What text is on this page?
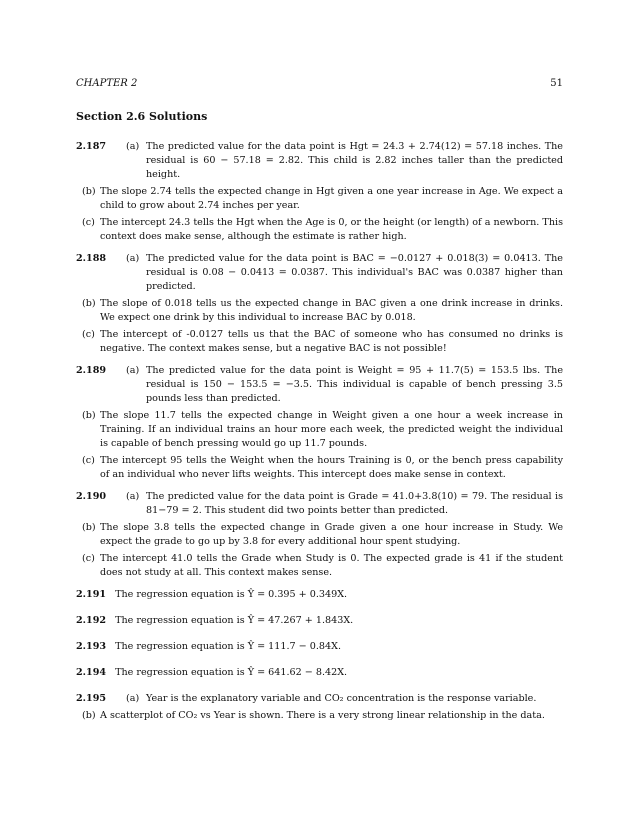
CHAPTER 2	51
Section 2.6 Solutions
2.187	(a) The predicted value for the data point is Hgt = 24.3 + 2.74(12) = 57.18 inches. The residual is 60 − 57.18 = 2.82. This child is 2.82 inches taller than the predicted height.
(b) The slope 2.74 tells the expected change in Hgt given a one year increase in Age. We expect a child to grow about 2.74 inches per year.
(c) The intercept 24.3 tells the Hgt when the Age is 0, or the height (or length) of a newborn. This context does make sense, although the estimate is rather high.
2.188	(a) The predicted value for the data point is BAC = −0.0127 + 0.018(3) = 0.0413. The residual is 0.08 − 0.0413 = 0.0387. This individual's BAC was 0.0387 higher than predicted.
(b) The slope of 0.018 tells us the expected change in BAC given a one drink increase in drinks. We expect one drink by this individual to increase BAC by 0.018.
(c) The intercept of -0.0127 tells us that the BAC of someone who has consumed no drinks is negative. The context makes sense, but a negative BAC is not possible!
2.189	(a) The predicted value for the data point is Weight = 95 + 11.7(5) = 153.5 lbs. The residual is 150 − 153.5 = −3.5. This individual is capable of bench pressing 3.5 pounds less than predicted.
(b) The slope 11.7 tells the expected change in Weight given a one hour a week increase in Training. If an individual trains an hour more each week, the predicted weight the individual is capable of bench pressing would go up 11.7 pounds.
(c) The intercept 95 tells the Weight when the hours Training is 0, or the bench press capability of an individual who never lifts weights. This intercept does make sense in context.
2.190	(a) The predicted value for the data point is Grade = 41.0+3.8(10) = 79. The residual is 81−79 = 2. This student did two points better than predicted.
(b) The slope 3.8 tells the expected change in Grade given a one hour increase in Study. We expect the grade to go up by 3.8 for every additional hour spent studying.
(c) The intercept 41.0 tells the Grade when Study is 0. The expected grade is 41 if the student does not study at all. This context makes sense.
2.191 The regression equation is Ŷ = 0.395 + 0.349X.
2.192 The regression equation is Ŷ = 47.267 + 1.843X.
2.193 The regression equation is Ŷ = 111.7 − 0.84X.
2.194 The regression equation is Ŷ = 641.62 − 8.42X.
2.195	(a) Year is the explanatory variable and CO₂ concentration is the response variable.
(b) A scatterplot of CO₂ vs Year is shown. There is a very strong linear relationship in the data.
